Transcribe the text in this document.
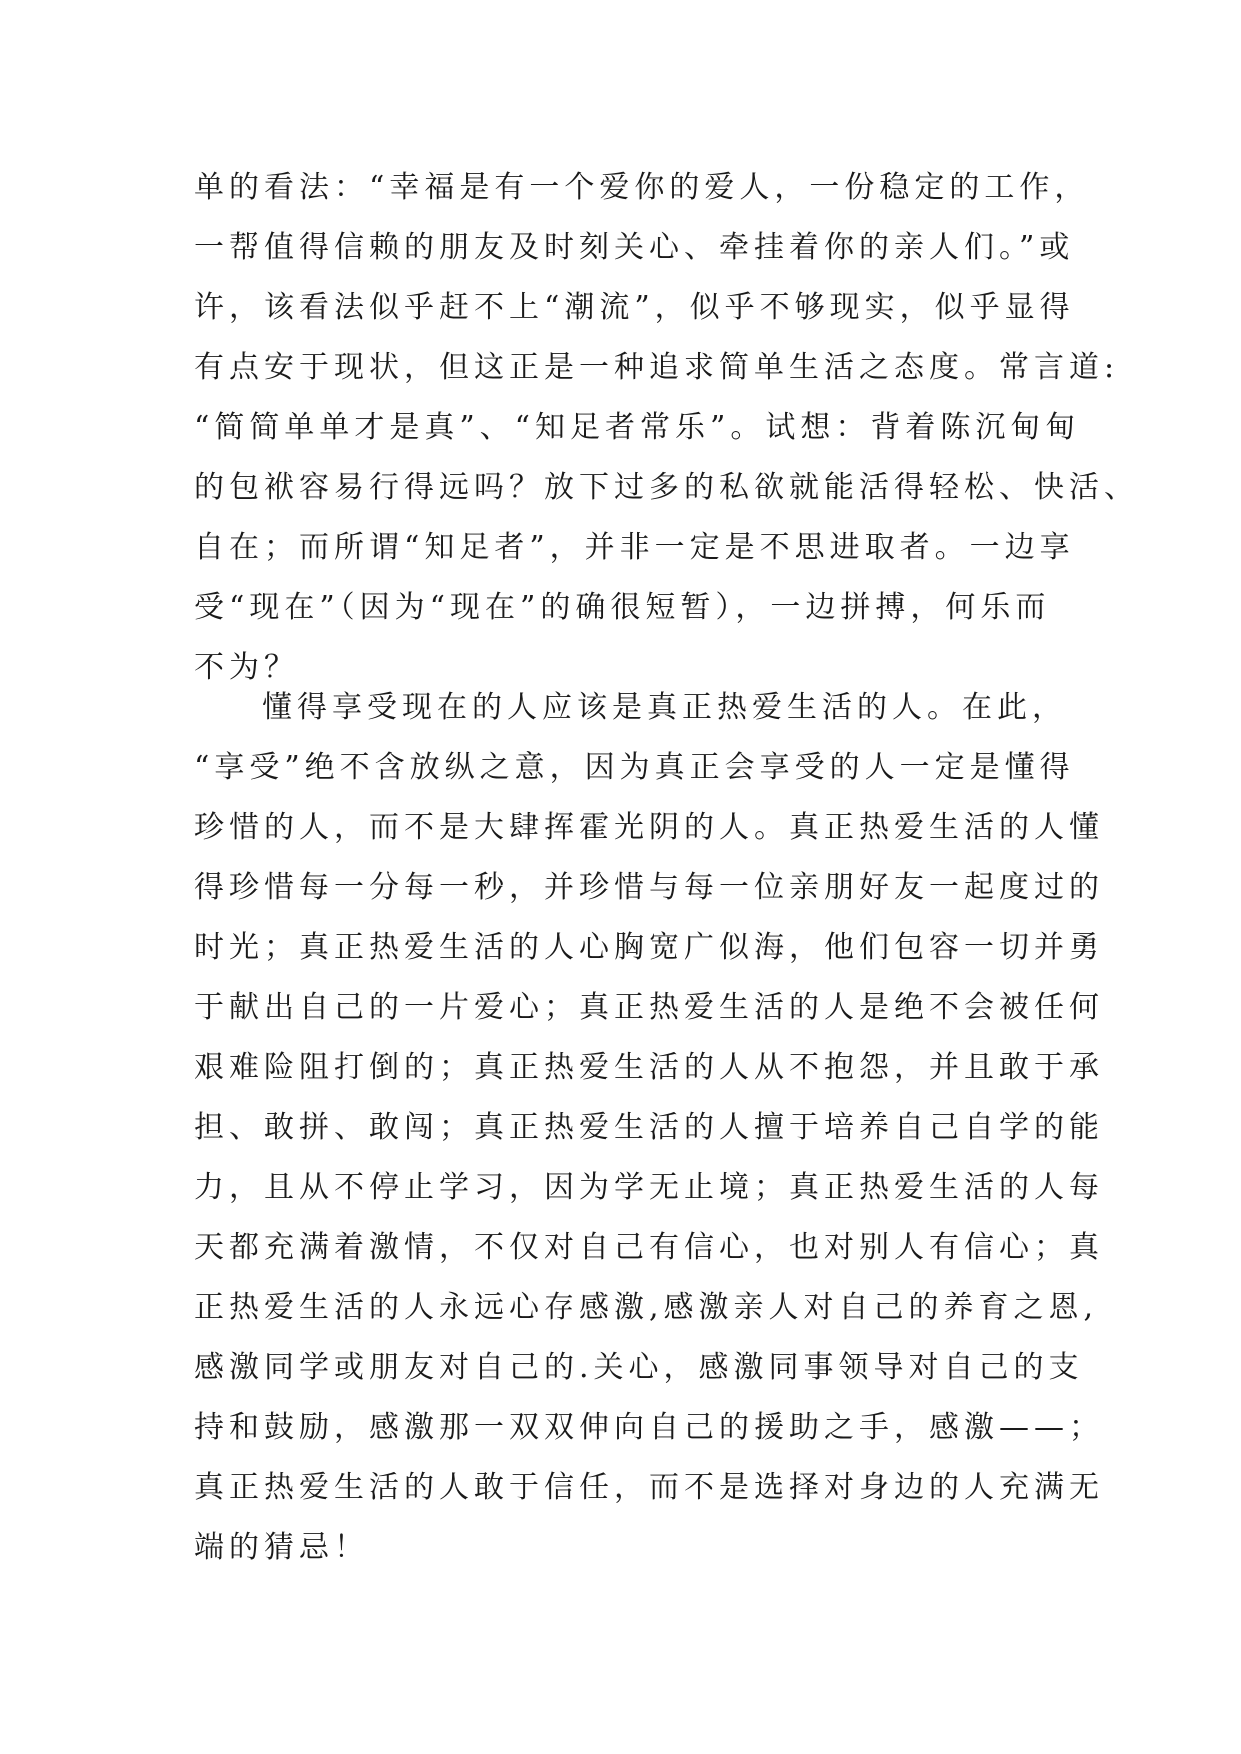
单的看法：“幸福是有一个爱你的爱人，一份稳定的工作，
一帮值得信赖的朋友及时刻关心、牵挂着你的亲人们。”或
许，该看法似乎赶不上“潮流”，似乎不够现实，似乎显得
有点安于现状，但这正是一种追求简单生活之态度。常言道:
“简简单单才是真”、“知足者常乐”。试想：背着陈沉甸甸
的包袱容易行得远吗？放下过多的私欲就能活得轻松、快活、
自在；而所谓“知足者”，并非一定是不思进取者。一边享
受“现在”（因为“现在”的确很短暂），一边拼搏，何乐而
不为？
懂得享受现在的人应该是真正热爱生活的人。在此，
“享受”绝不含放纵之意，因为真正会享受的人一定是懂得
珍惜的人，而不是大肆挥霍光阴的人。真正热爱生活的人懂
得珍惜每一分每一秒，并珍惜与每一位亲朋好友一起度过的
时光；真正热爱生活的人心胸宽广似海，他们包容一切并勇
于献出自己的一片爱心；真正热爱生活的人是绝不会被任何
艰难险阻打倒的；真正热爱生活的人从不抱怨，并且敢于承
担、敢拼、敢闯；真正热爱生活的人擅于培养自己自学的能
力，且从不停止学习，因为学无止境；真正热爱生活的人每
天都充满着激情，不仅对自己有信心，也对别人有信心；真
正热爱生活的人永远心存感激,感激亲人对自己的养育之恩,
感激同学或朋友对自己的.关心，感激同事领导对自己的支
持和鼓励，感激那一双双伸向自己的援助之手，感激——；
真正热爱生活的人敢于信任，而不是选择对身边的人充满无
端的猜忌！
